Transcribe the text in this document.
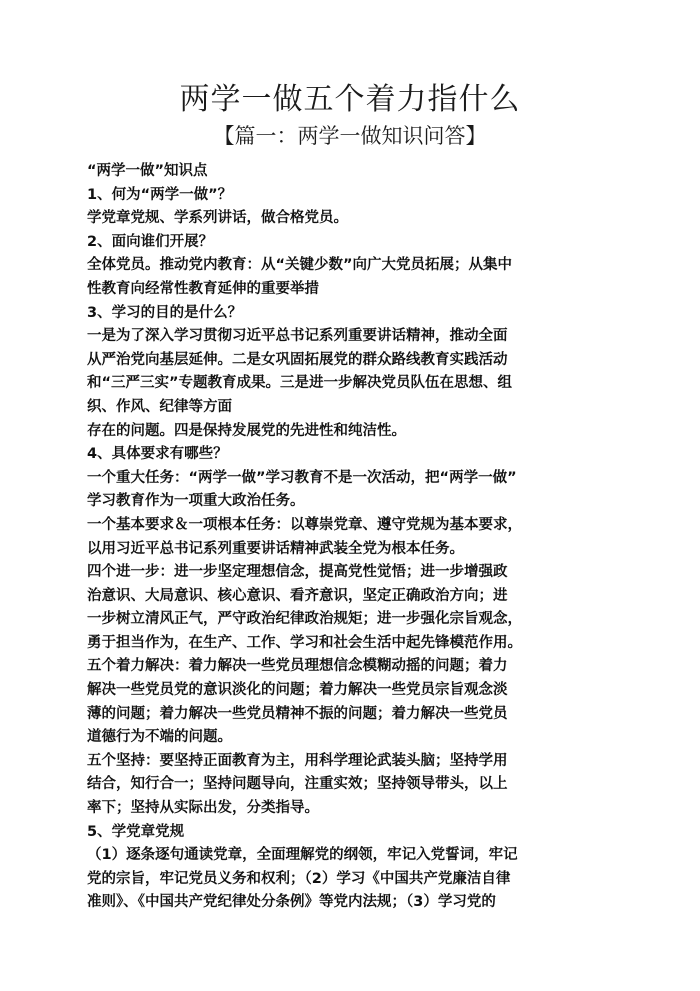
两学一做五个着力指什么
【篇一：两学一做知识问答】
“两学一做”知识点
1、何为“两学一做”？
学党章党规、学系列讲话，做合格党员。
2、面向谁们开展？
全体党员。推动党内教育：从“关键少数”向广大党员拓展；从集中
性教育向经常性教育延伸的重要举措
3、学习的目的是什么？
一是为了深入学习贯彻习近平总书记系列重要讲话精神，推动全面
从严治党向基层延伸。二是女巩固拓展党的群众路线教育实践活动
和“三严三实”专题教育成果。三是进一步解决党员队伍在思想、组
织、作风、纪律等方面
存在的问题。四是保持发展党的先进性和纯洁性。
4、具体要求有哪些？
一个重大任务：“两学一做”学习教育不是一次活动，把“两学一做”
学习教育作为一项重大政治任务。
一个基本要求＆一项根本任务：以尊崇党章、遵守党规为基本要求，
以用习近平总书记系列重要讲话精神武装全党为根本任务。
四个进一步：进一步坚定理想信念，提高党性觉悟；进一步增强政
治意识、大局意识、核心意识、看齐意识，坚定正确政治方向；进
一步树立清风正气，严守政治纪律政治规矩；进一步强化宗旨观念，
勇于担当作为，在生产、工作、学习和社会生活中起先锋模范作用。
五个着力解决：着力解决一些党员理想信念模糊动摇的问题；着力
解决一些党员党的意识淡化的问题；着力解决一些党员宗旨观念淡
薄的问题；着力解决一些党员精神不振的问题；着力解决一些党员
道德行为不端的问题。
五个坚持：要坚持正面教育为主，用科学理论武装头脑；坚持学用
结合，知行合一；坚持问题导向，注重实效；坚持领导带头，以上
率下；坚持从实际出发，分类指导。
5、学党章党规
（1）逐条逐句通读党章，全面理解党的纲领，牢记入党誓词，牢记
党的宗旨，牢记党员义务和权利；（2）学习《中国共产党廉洁自律
准则》、《中国共产党纪律处分条例》等党内法规；（3）学习党的
